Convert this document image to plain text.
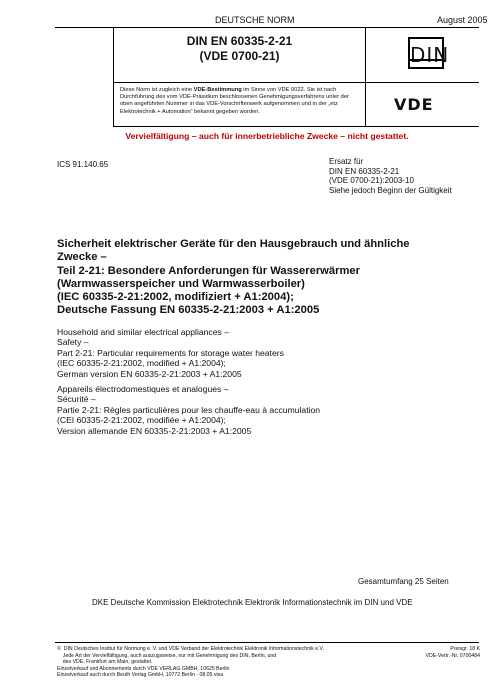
DEUTSCHE NORM	August 2005
DIN EN 60335-2-21
(VDE 0700-21)	DIN
VDE
Diese Norm ist zugleich eine VDE-Bestimmung im Sinne von VDE 0022. Sie ist nach Durchführung des vom VDE-Präsidium beschlossenen Genehmigungsverfahrens unter der oben angeführten Nummer in das VDE-Vorschriftenwerk aufgenommen und in der „etz Elektrotechnik + Automation“ bekannt gegeben worden.
Vervielfältigung – auch für innerbetriebliche Zwecke – nicht gestattet.
ICS 91.140.65	Ersatz für
DIN EN 60335-2-21
(VDE 0700-21):2003-10
Siehe jedoch Beginn der Gültigkeit
Sicherheit elektrischer Geräte für den Hausgebrauch und ähnliche
Zwecke –
Teil 2-21: Besondere Anforderungen für Wassererwärmer
(Warmwasserspeicher und Warmwasserboiler)
(IEC 60335-2-21:2002, modifiziert + A1:2004);
Deutsche Fassung EN 60335-2-21:2003 + A1:2005
Household and similar electrical appliances –
Safety –
Part 2-21: Particular requirements for storage water heaters
(IEC 60335-2-21:2002, modified + A1:2004);
German version EN 60335-2-21:2003 + A1:2005
Appareils électrodomestiques et analogues –
Sécurité –
Partie 2-21: Règles particulières pour les chauffe-eau à accumulation
(CEI 60335-2-21:2002, modifiée + A1:2004);
Version allemande EN 60335-2-21:2003 + A1:2005
Gesamtumfang 25 Seiten
DKE Deutsche Kommission Elektrotechnik Elektronik Informationstechnik im DIN und VDE
©  DIN Deutsches Institut für Normung e. V. und VDE Verband der Elektrotechnik Elektronik Informationstechnik e.V.
Jede Art der Vervielfältigung, auch auszugsweise, nur mit Genehmigung des DIN, Berlin, und
des VDE, Frankfurt am Main, gestattet.
Einzelverkauf und Abonnements durch VDE VERLAG GMBH, 10625 Berlin
Einzelverkauf auch durch Beuth Verlag GmbH, 10772 Berlin · 08.05 visa
Preisgr. 18 K
VDE-Vertr.-Nr. 0700484
